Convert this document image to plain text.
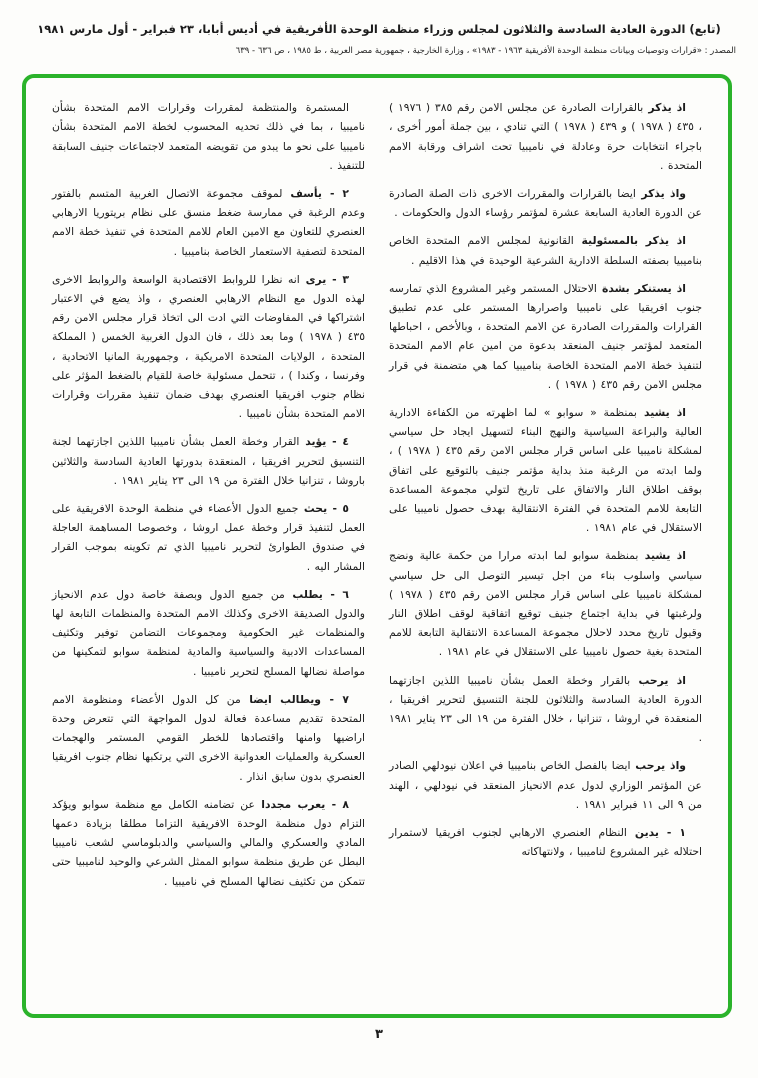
(تابع) الدورة العادية السادسة والثلاثون لمجلس وزراء منظمة الوحدة الأفريقية في أديس أبابا، ٢٣ فبراير - أول مارس ١٩٨١
المصدر : «قرارات وتوصيات وبيانات منظمة الوحدة الأفريقية ١٩٦٣ - ١٩٨٣» ، وزارة الخارجية ، جمهورية مصر العربية ، ط ١٩٨٥ ، ص ٦٣٦ - ٦٣٩

اذ يذكر بالقرارات الصادرة عن مجلس الامن رقم ٣٨٥ ( ١٩٧٦ ) ، ٤٣٥ ( ١٩٧٨ ) و ٤٣٩ ( ١٩٧٨ ) التي تنادي ، بين جملة أمور أخرى ، باجراء انتخابات حرة وعادلة في ناميبيا تحت اشراف ورقابة الامم المتحدة .

واذ يذكر ايضا بالقرارات والمقررات الاخرى ذات الصلة الصادرة عن الدورة العادية السابعة عشرة لمؤتمر رؤساء الدول والحكومات .

اذ يذكر بالمسئولية القانونية لمجلس الامم المتحدة الخاص بناميبيا بصفته السلطة الادارية الشرعية الوحيدة في هذا الاقليم .

اذ يستنكر بشدة الاحتلال المستمر وغير المشروع الذي تمارسه جنوب افريقيا على ناميبيا واصرارها المستمر على عدم تطبيق القرارات والمقررات الصادرة عن الامم المتحدة ، وبالأخص ، احباطها المتعمد لمؤتمر جنيف المنعقد بدعوة من امين عام الامم المتحدة لتنفيذ خطة الامم المتحدة الخاصة بناميبيا كما هي متضمنة في قرار مجلس الامن رقم ٤٣٥ ( ١٩٧٨ ) .

اذ يشيد بمنظمة « سوابو » لما اظهرته من الكفاءة الادارية العالية والبراعة السياسية والنهج البناء لتسهيل ايجاد حل سياسي لمشكلة ناميبيا على اساس قرار مجلس الامن رقم ٤٣٥ ( ١٩٧٨ ) ، ولما ابدته من الرغبة منذ بداية مؤتمر جنيف بالتوقيع على اتفاق بوقف اطلاق النار والاتفاق على تاريخ لتولي مجموعة المساعدة التابعة للامم المتحدة في الفترة الانتقالية بهدف حصول ناميبيا على الاستقلال في عام ١٩٨١ .

اذ يشيد بمنظمة سوابو لما ابدته مرارا من حكمة عالية ونضج سياسي واسلوب بناء من اجل تيسير التوصل الى حل سياسي لمشكلة ناميبيا على اساس قرار مجلس الامن رقم ٤٣٥ ( ١٩٧٨ ) ولرغبتها في بداية اجتماع جنيف توقيع اتفاقية لوقف اطلاق النار وقبول تاريخ محدد لاحلال مجموعة المساعدة الانتقالية التابعة للامم المتحدة بغية حصول ناميبيا على الاستقلال في عام ١٩٨١ .

اذ يرحب بالقرار وخطة العمل بشأن ناميبيا اللذين اجازتهما الدورة العادية السادسة والثلاثون للجنة التنسيق لتحرير افريقيا ، المنعقدة في اروشا ، تنزانيا ، خلال الفترة من ١٩ الى ٢٣ يناير ١٩٨١ .

واذ يرحب ايضا بالفصل الخاص بناميبيا في اعلان نيودلهي الصادر عن المؤتمر الوزاري لدول عدم الانحياز المنعقد في نيودلهي ، الهند من ٩ الى ١١ فبراير ١٩٨١ .

١ - يدين النظام العنصري الارهابي لجنوب افريقيا لاستمرار احتلاله غير المشروع لناميبيا ، ولانتهاكاته

المستمرة والمنتظمة لمقررات وقرارات الامم المتحدة بشأن ناميبيا ، بما في ذلك تحديه المحسوب لخطة الامم المتحدة بشأن ناميبيا على نحو ما يبدو من تقويضه المتعمد لاجتماعات جنيف السابقة للتنفيذ .

٢ - يأسف لموقف مجموعة الاتصال الغربية المتسم بالفتور وعدم الرغبة في ممارسة ضغط منسق على نظام بريتوريا الارهابي العنصري للتعاون مع الامين العام للامم المتحدة في تنفيذ خطة الامم المتحدة لتصفية الاستعمار الخاصة بناميبيا .

٣ - يرى انه نظرا للروابط الاقتصادية الواسعة والروابط الاخرى لهذه الدول مع النظام الارهابي العنصري ، واذ يضع في الاعتبار اشتراكها في المفاوضات التي ادت الى اتخاذ قرار مجلس الامن رقم ٤٣٥ ( ١٩٧٨ ) وما بعد ذلك ، فان الدول الغربية الخمس ( المملكة المتحدة ، الولايات المتحدة الامريكية ، وجمهورية المانيا الاتحادية ، وفرنسا ، وكندا ) ، تتحمل مسئولية خاصة للقيام بالضغط المؤثر على نظام جنوب افريقيا العنصري بهدف ضمان تنفيذ مقررات وقرارات الامم المتحدة بشأن ناميبيا .

٤ - يؤيد القرار وخطة العمل بشأن ناميبيا اللذين اجازتهما لجنة التنسيق لتحرير افريقيا ، المنعقدة بدورتها العادية السادسة والثلاثين باروشا ، تنزانيا خلال الفترة من ١٩ الى ٢٣ يناير ١٩٨١ .

٥ - يحث جميع الدول الأعضاء في منظمة الوحدة الافريقية على العمل لتنفيذ قرار وخطة عمل اروشا ، وخصوصا المساهمة العاجلة في صندوق الطوارئ لتحرير ناميبيا الذي تم تكوينه بموجب القرار المشار اليه .

٦ - يطلب من جميع الدول وبصفة خاصة دول عدم الانحياز والدول الصديقة الاخرى وكذلك الامم المتحدة والمنظمات التابعة لها والمنظمات غير الحكومية ومجموعات التضامن توفير وتكثيف المساعدات الادبية والسياسية والمادية لمنظمة سوابو لتمكينها من مواصلة نضالها المسلح لتحرير ناميبيا .

٧ - ويطالب ايضا من كل الدول الأعضاء ومنظومة الامم المتحدة تقديم مساعدة فعالة لدول المواجهة التي تتعرض وحدة اراضيها وامنها واقتصادها للخطر القومي المستمر والهجمات العسكرية والعمليات العدوانية الاخرى التي يرتكبها نظام جنوب افريقيا العنصري بدون سابق انذار .

٨ - يعرب مجددا عن تضامنه الكامل مع منظمة سوابو ويؤكد التزام دول منظمة الوحدة الافريقية التزاما مطلقا بزيادة دعمها المادي والعسكري والمالي والسياسي والدبلوماسي لشعب ناميبيا البطل عن طريق منظمة سوابو الممثل الشرعي والوحيد لناميبيا حتى تتمكن من تكثيف نضالها المسلح في ناميبيا .

٣
